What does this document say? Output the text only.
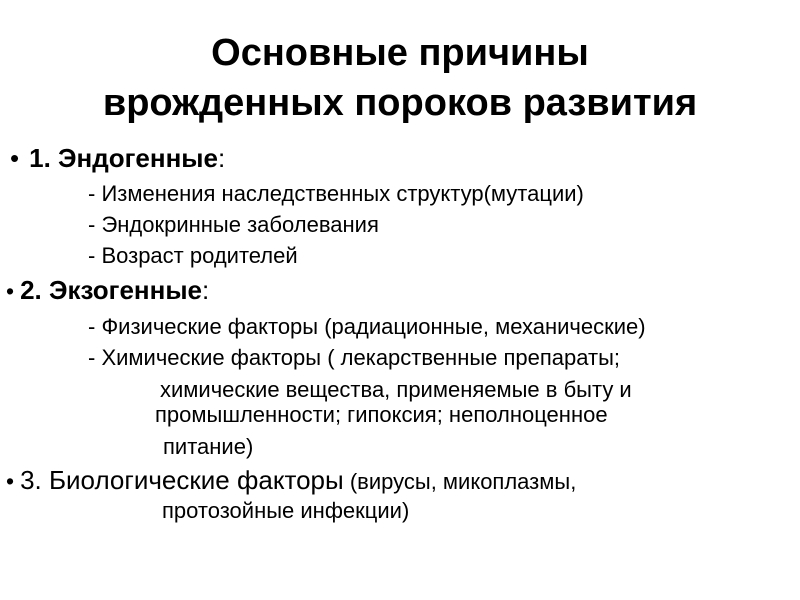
Основные причины
врожденных пороков развития
• 1. Эндогенные:
- Изменения наследственных структур(мутации)
- Эндокринные заболевания
- Возраст родителей
• 2. Экзогенные:
- Физические факторы (радиационные, механические)
- Химические факторы ( лекарственные препараты;
химические вещества, применяемые в быту и
промышленности; гипоксия; неполноценное
питание)
• 3. Биологические факторы (вирусы, микоплазмы,
протозойные инфекции)
